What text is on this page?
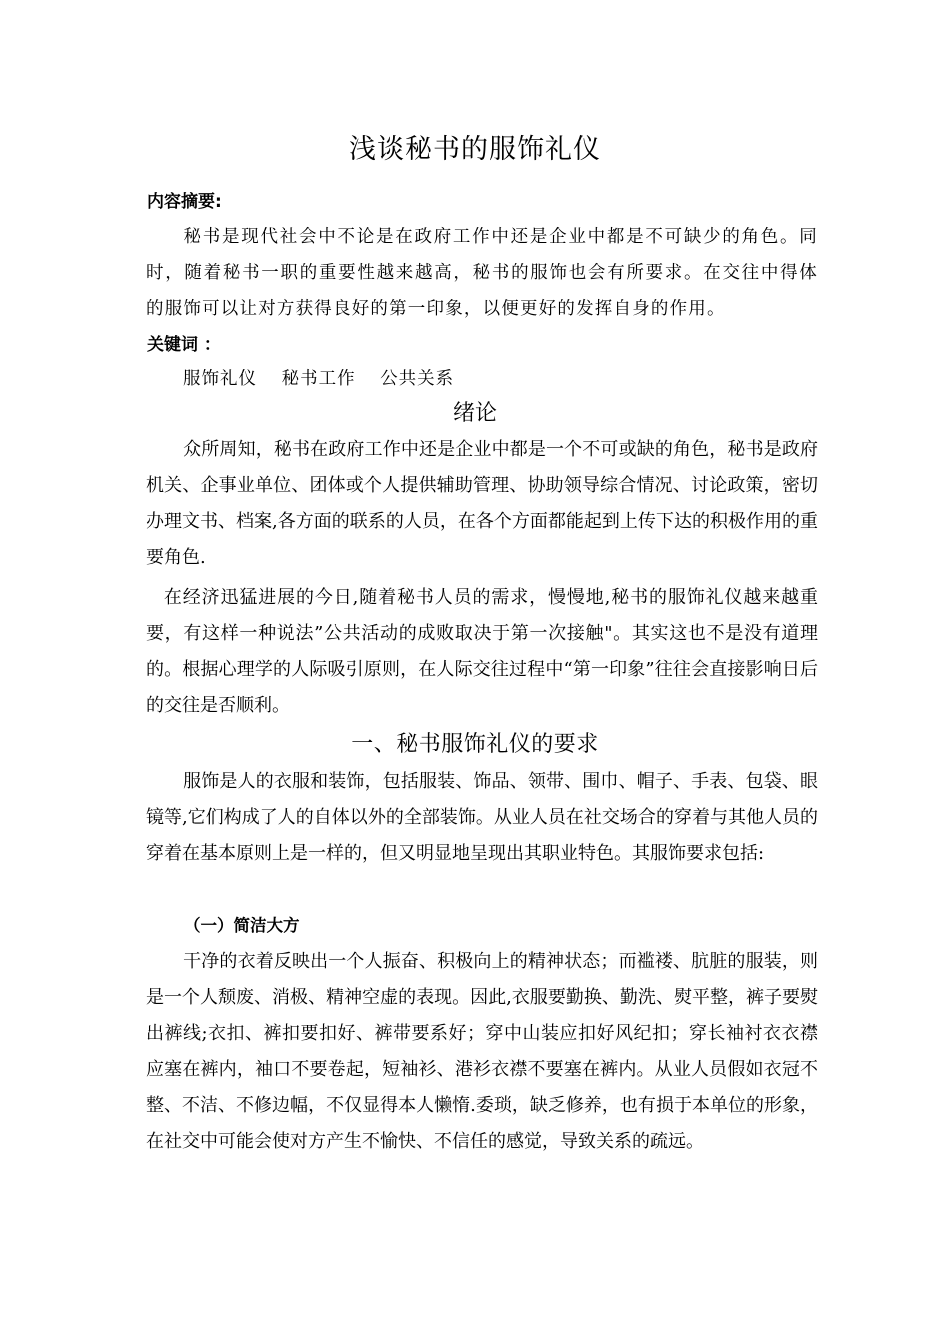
浅谈秘书的服饰礼仪
内容摘要:
秘书是现代社会中不论是在政府工作中还是企业中都是不可缺少的角色。同时，随着秘书一职的重要性越来越高，秘书的服饰也会有所要求。在交往中得体的服饰可以让对方获得良好的第一印象，以便更好的发挥自身的作用。
关键词 ：
服饰礼仪 秘书工作 公共关系
绪论
众所周知，秘书在政府工作中还是企业中都是一个不可或缺的角色，秘书是政府机关、企事业单位、团体或个人提供辅助管理、协助领导综合情况、讨论政策，密切办理文书、档案,各方面的联系的人员，在各个方面都能起到上传下达的积极作用的重要角色.
在经济迅猛进展的今日,随着秘书人员的需求，慢慢地,秘书的服饰礼仪越来越重要，有这样一种说法”公共活动的成败取决于第一次接触"。其实这也不是没有道理的。根据心理学的人际吸引原则，在人际交往过程中“第一印象”往往会直接影响日后的交往是否顺利。
一、秘书服饰礼仪的要求
服饰是人的衣服和装饰，包括服装、饰品、领带、围巾、帽子、手表、包袋、眼镜等,它们构成了人的自体以外的全部装饰。从业人员在社交场合的穿着与其他人员的穿着在基本原则上是一样的，但又明显地呈现出其职业特色。其服饰要求包括:
（一）简洁大方
干净的衣着反映出一个人振奋、积极向上的精神状态；而褴褛、肮脏的服装，则是一个人颓废、消极、精神空虚的表现。因此,衣服要勤换、勤洗、熨平整，裤子要熨出裤线;衣扣、裤扣要扣好、裤带要系好；穿中山装应扣好风纪扣；穿长袖衬衣衣襟应塞在裤内，袖口不要卷起，短袖衫、港衫衣襟不要塞在裤内。从业人员假如衣冠不整、不洁、不修边幅，不仅显得本人懒惰.委琐，缺乏修养，也有损于本单位的形象，在社交中可能会使对方产生不愉快、不信任的感觉，导致关系的疏远。
